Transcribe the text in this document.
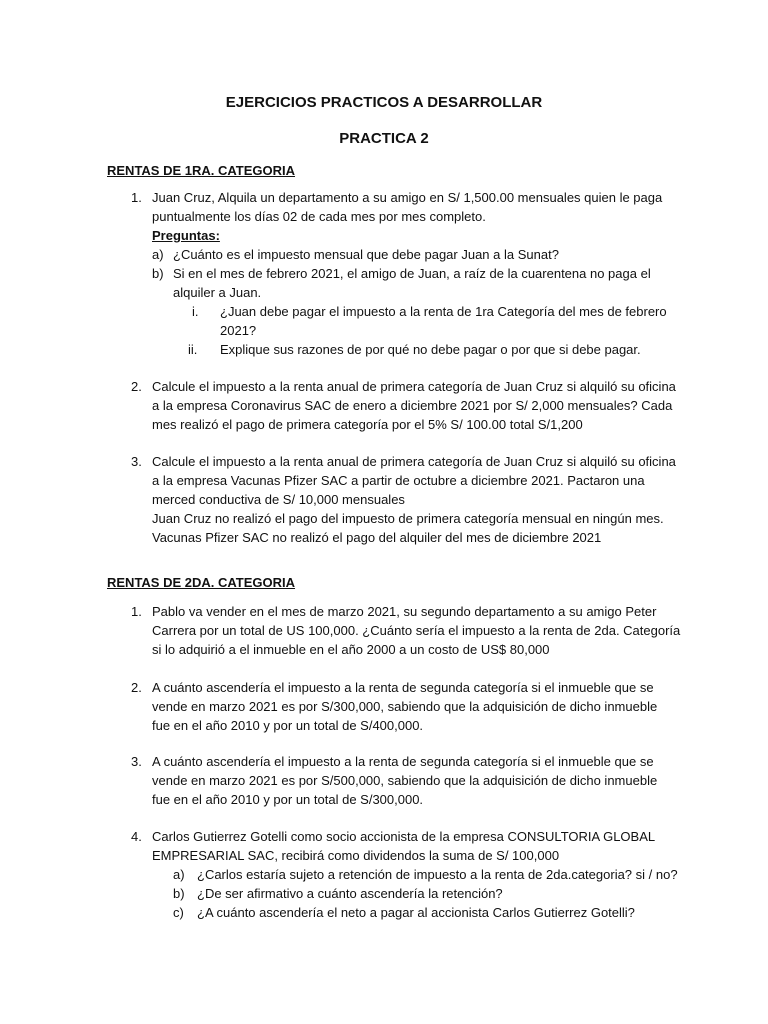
EJERCICIOS PRACTICOS A DESARROLLAR
PRACTICA 2
RENTAS DE 1RA. CATEGORIA
1. Juan Cruz, Alquila un departamento a su amigo en S/ 1,500.00 mensuales quien le paga
puntualmente los días 02 de cada mes por mes completo.
Preguntas:
a) ¿Cuánto es el impuesto mensual que debe pagar Juan a la Sunat?
b) Si en el mes de febrero 2021, el amigo de Juan, a raíz de la cuarentena no paga el
alquiler a Juan.
i. ¿Juan debe pagar el impuesto a la renta de 1ra Categoría del mes de febrero
2021?
ii. Explique sus razones de por qué no debe pagar o por que si debe pagar.
2. Calcule el impuesto a la renta anual de primera categoría de Juan Cruz si alquiló su oficina
a la empresa Coronavirus SAC de enero a diciembre 2021 por S/ 2,000 mensuales? Cada
mes realizó el pago de primera categoría por el 5% S/ 100.00 total S/1,200
3. Calcule el impuesto a la renta anual de primera categoría de Juan Cruz si alquiló su oficina
a la empresa Vacunas Pfizer SAC a partir de octubre a diciembre 2021. Pactaron una
merced conductiva de S/ 10,000 mensuales
Juan Cruz no realizó el pago del impuesto de primera categoría mensual en ningún mes.
Vacunas Pfizer SAC no realizó el pago del alquiler del mes de diciembre 2021
RENTAS DE 2DA. CATEGORIA
1. Pablo va vender en el mes de marzo 2021, su segundo departamento a su amigo Peter
Carrera por un total de US 100,000. ¿Cuánto sería el impuesto a la renta de 2da. Categoría
si lo adquirió a el inmueble en el año 2000 a un costo de US$ 80,000
2. A cuánto ascendería el impuesto a la renta de segunda categoría si el inmueble que se
vende en marzo 2021 es por S/300,000, sabiendo que la adquisición de dicho inmueble
fue en el año 2010 y por un total de S/400,000.
3. A cuánto ascendería el impuesto a la renta de segunda categoría si el inmueble que se
vende en marzo 2021 es por S/500,000, sabiendo que la adquisición de dicho inmueble
fue en el año 2010 y por un total de S/300,000.
4. Carlos Gutierrez Gotelli como socio accionista de la empresa CONSULTORIA GLOBAL
EMPRESARIAL SAC, recibirá como dividendos la suma de S/ 100,000
a) ¿Carlos estaría sujeto a retención de impuesto a la renta de 2da.categoria? si / no?
b) ¿De ser afirmativo a cuánto ascendería la retención?
c) ¿A cuánto ascendería el neto a pagar al accionista Carlos Gutierrez Gotelli?
